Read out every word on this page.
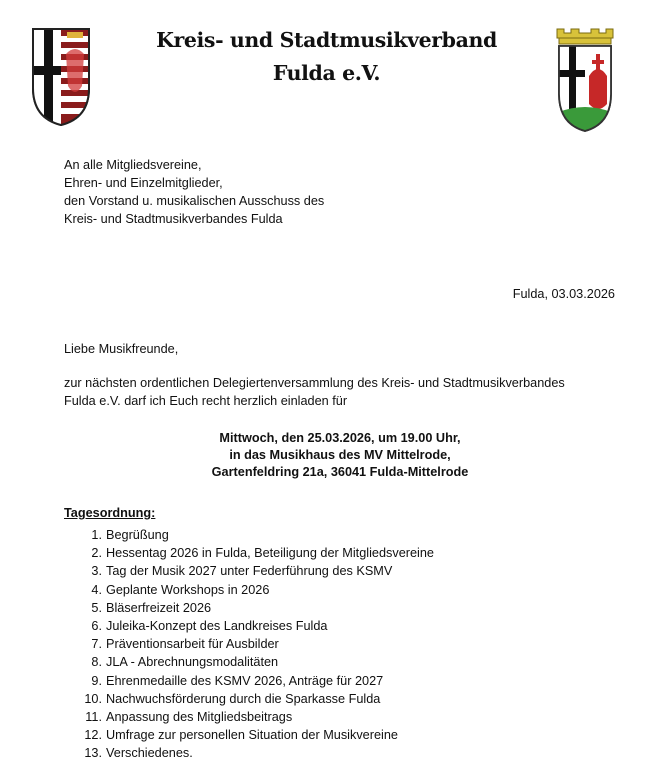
Kreis- und Stadtmusikverband
Fulda e.V.
An alle Mitgliedsvereine,
Ehren- und Einzelmitglieder,
den Vorstand u. musikalischen Ausschuss des
Kreis- und Stadtmusikverbandes Fulda
Fulda, 03.03.2026
Liebe Musikfreunde,
zur nächsten ordentlichen Delegiertenversammlung des Kreis- und Stadtmusikverbandes
Fulda e.V. darf ich Euch recht herzlich einladen für
Mittwoch, den 25.03.2026, um 19.00 Uhr,
in das Musikhaus des MV Mittelrode,
Gartenfeldring 21a, 36041 Fulda-Mittelrode
Tagesordnung:
1. Begrüßung
2. Hessentag 2026 in Fulda, Beteiligung der Mitgliedsvereine
3. Tag der Musik 2027 unter Federführung des KSMV
4. Geplante Workshops in 2026
5. Bläserfreizeit 2026
6. Juleika-Konzept des Landkreises Fulda
7. Präventionsarbeit für Ausbilder
8. JLA - Abrechnungsmodalitäten
9. Ehrenmedaille des KSMV 2026, Anträge für 2027
10. Nachwuchsförderung durch die Sparkasse Fulda
11. Anpassung des Mitgliedsbeitrags
12. Umfrage zur personellen Situation der Musikvereine
13. Verschiedenes.
